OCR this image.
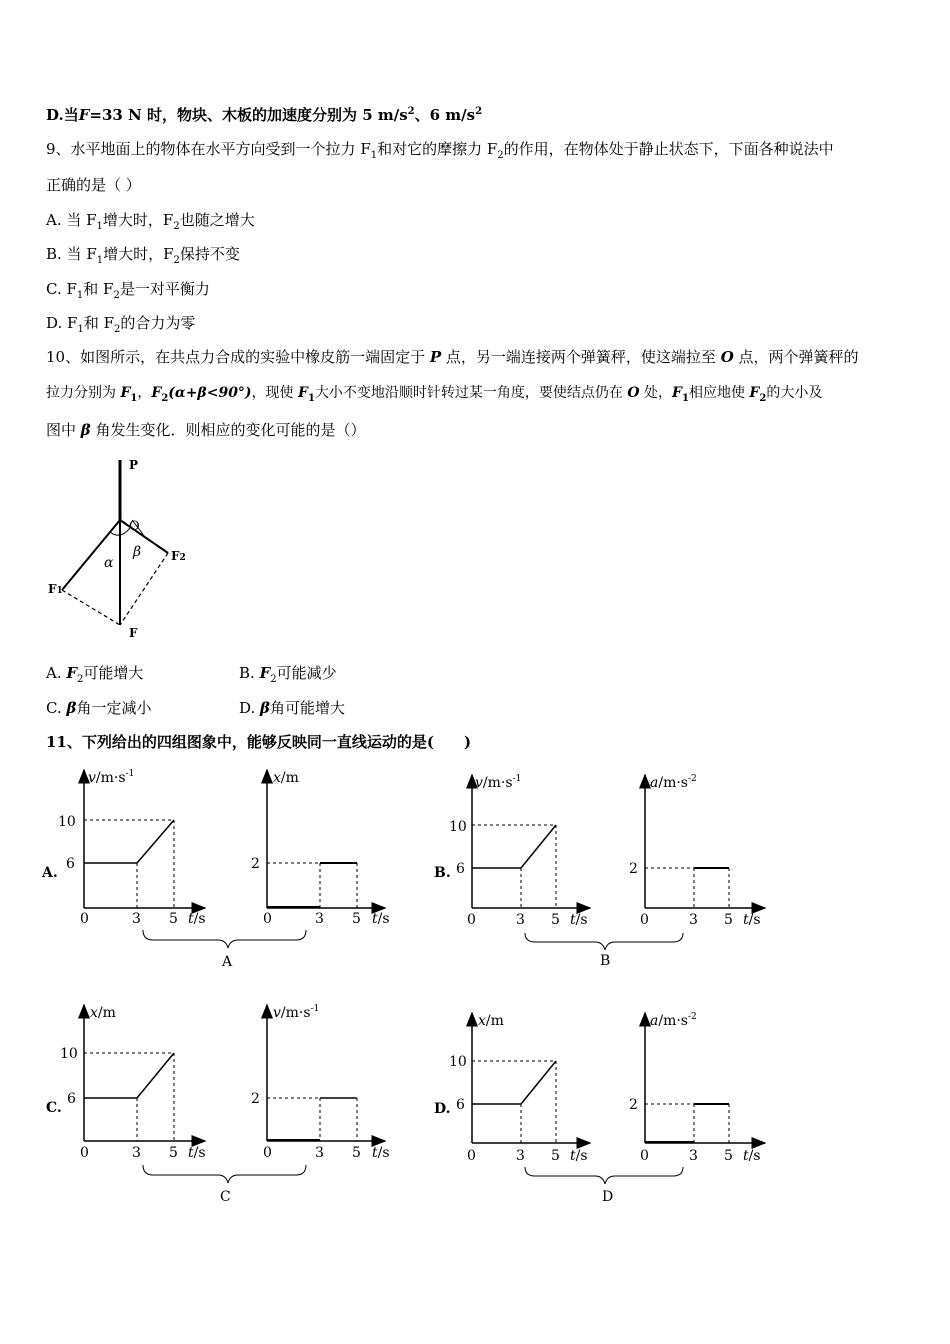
D.当F=33 N 时，物块、木板的加速度分别为 5 $m/s^2$、6 $m/s^2$
9、水平地面上的物体在水平方向受到一个拉力 $F_1$和对它的摩擦力 $F_2$的作用，在物体处于静止状态下，下面各种说法中
正确的是（ ）
A. 当 $F_1$增大时，$F_2$也随之增大
B. 当 $F_1$增大时，$F_2$保持不变
C. $F_1$和 $F_2$是一对平衡力
D. $F_1$和 $F_2$的合力为零
10、如图所示，在共点力合成的实验中橡皮筋一端固定于 P 点，另一端连接两个弹簧秤，使这端拉至 O 点，两个弹簧秤的
拉力分别为 $F_1$，$F_2(\alpha+\beta<90^\circ)$，现使 $F_1$大小不变地沿顺时针转过某一角度，要使结点仍在 O 处，$F_1$相应地使 $F_2$的大小及
图中 β 角发生变化．则相应的变化可能的是（）
P
O
α
β F2
F1
F
A. $F_2$可能增大	B. $F_2$可能减少
C. β角一定减小	D. β角可能增大
11、下列给出的四组图象中，能够反映同一直线运动的是(　　)
A.
$v/m\cdot s^{-1}$
10
6
0	3 5 t/s
x/m
2
0	3 5 t/s
A
B.
$v/m\cdot s^{-1}$
10
6
0	3 5 t/s
$a/m\cdot s^{-2}$
2
0	3 5 t/s
B
C.
x/m
10
6
0	3 5 t/s
$v/m\cdot s^{-1}$
2
0	3 5 t/s
C
D.
x/m
10
6
0	3 5 t/s
$a/m\cdot s^{-2}$
2
0	3 5 t/s
D
